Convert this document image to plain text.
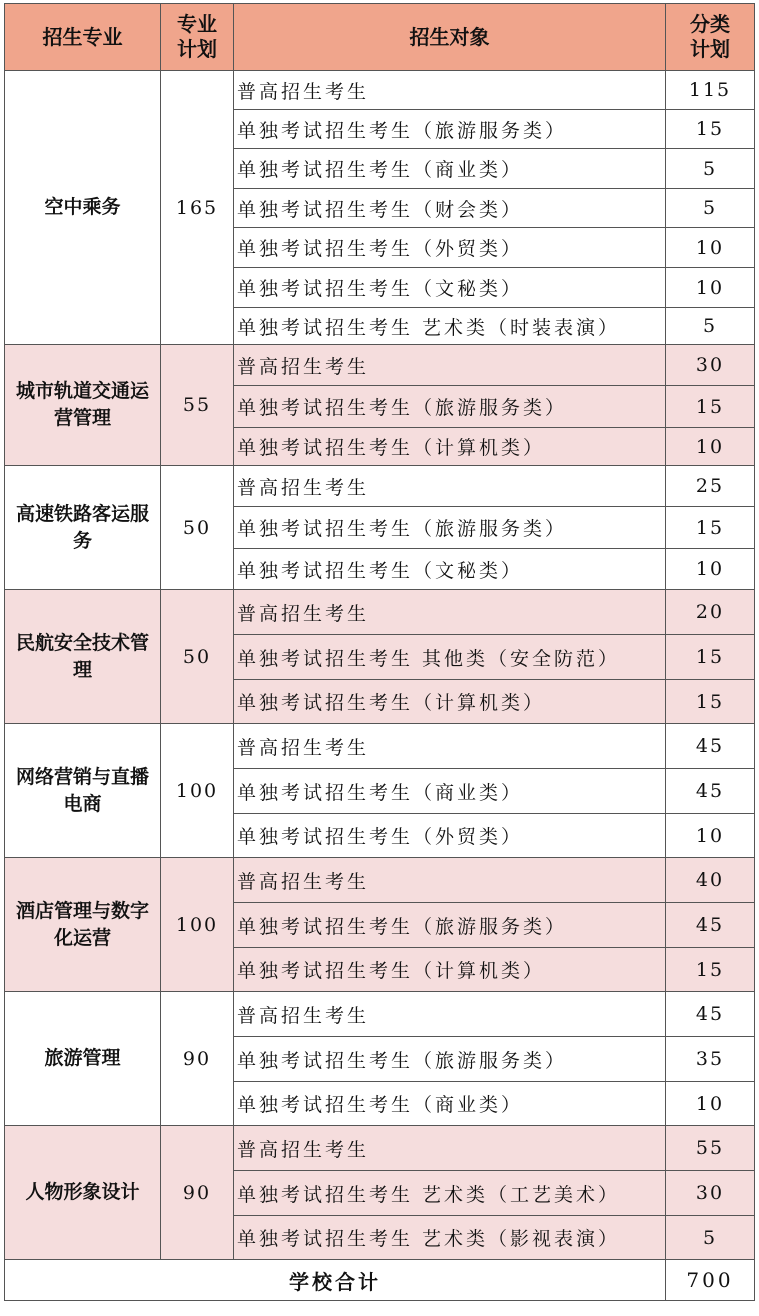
招生专业	专业计划	招生对象	分类计划
空中乘务	165	普高招生考生	115
		单独考试招生考生（旅游服务类）	15
		单独考试招生考生（商业类）	5
		单独考试招生考生（财会类）	5
		单独考试招生考生（外贸类）	10
		单独考试招生考生（文秘类）	10
		单独考试招生考生 艺术类（时装表演）	5
城市轨道交通运营管理	55	普高招生考生	30
		单独考试招生考生（旅游服务类）	15
		单独考试招生考生（计算机类）	10
高速铁路客运服务	50	普高招生考生	25
		单独考试招生考生（旅游服务类）	15
		单独考试招生考生（文秘类）	10
民航安全技术管理	50	普高招生考生	20
		单独考试招生考生 其他类（安全防范）	15
		单独考试招生考生（计算机类）	15
网络营销与直播电商	100	普高招生考生	45
		单独考试招生考生（商业类）	45
		单独考试招生考生（外贸类）	10
酒店管理与数字化运营	100	普高招生考生	40
		单独考试招生考生（旅游服务类）	45
		单独考试招生考生（计算机类）	15
旅游管理	90	普高招生考生	45
		单独考试招生考生（旅游服务类）	35
		单独考试招生考生（商业类）	10
人物形象设计	90	普高招生考生	55
		单独考试招生考生 艺术类（工艺美术）	30
		单独考试招生考生 艺术类（影视表演）	5
学校合计			700
